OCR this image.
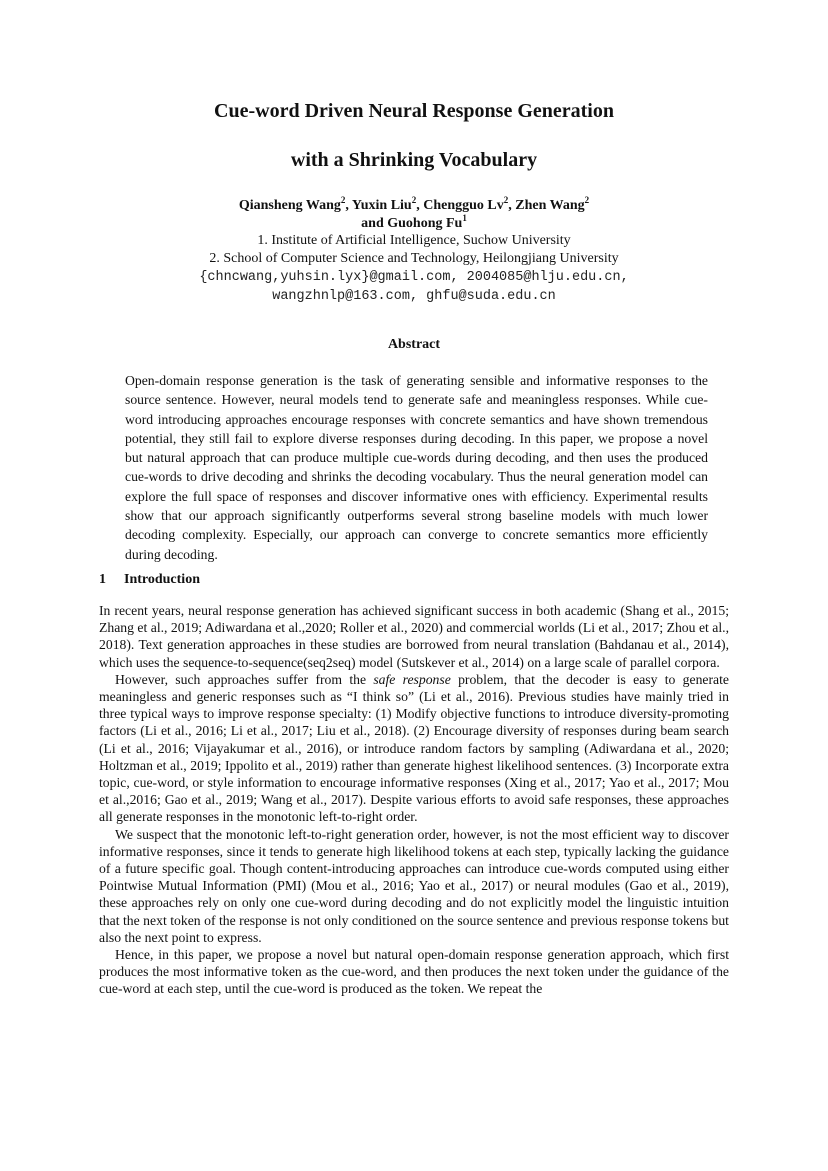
Cue-word Driven Neural Response Generation
with a Shrinking Vocabulary
Qiansheng Wang$^2$, Yuxin Liu$^2$, Chengguo Lv$^2$, Zhen Wang$^2$
and Guohong Fu$^1$
1. Institute of Artificial Intelligence, Suchow University
2. School of Computer Science and Technology, Heilongjiang University
{chncwang,yuhsin.lyx}@gmail.com, 2004085@hlju.edu.cn,
wangzhnlp@163.com, ghfu@suda.edu.cn
Abstract

Open-domain response generation is the task of generating sensible and informative responses to the source sentence. However, neural models tend to generate safe and meaningless responses. While cue-word introducing approaches encourage responses with concrete semantics and have shown tremendous potential, they still fail to explore diverse responses during decoding. In this paper, we propose a novel but natural approach that can produce multiple cue-words during decoding, and then uses the produced cue-words to drive decoding and shrinks the decoding vocabulary. Thus the neural generation model can explore the full space of responses and discover informative ones with efficiency. Experimental results show that our approach significantly outperforms several strong baseline models with much lower decoding complexity. Especially, our approach can converge to concrete semantics more efficiently during decoding.

1 Introduction

In recent years, neural response generation has achieved significant success in both academic (Shang et al., 2015; Zhang et al., 2019; Adiwardana et al.,2020; Roller et al., 2020) and commercial worlds (Li et al., 2017; Zhou et al., 2018). Text generation approaches in these studies are borrowed from neural translation (Bahdanau et al., 2014), which uses the sequence-to-sequence(seq2seq) model (Sutskever et al., 2014) on a large scale of parallel corpora.

However, such approaches suffer from the safe response problem, that the decoder is easy to generate meaningless and generic responses such as “I think so” (Li et al., 2016). Previous studies have mainly tried in three typical ways to improve response specialty: (1) Modify objective functions to introduce diversity-promoting factors (Li et al., 2016; Li et al., 2017; Liu et al., 2018). (2) Encourage diversity of responses during beam search (Li et al., 2016; Vijayakumar et al., 2016), or introduce random factors by sampling (Adiwardana et al., 2020; Holtzman et al., 2019; Ippolito et al., 2019) rather than generate highest likelihood sentences. (3) Incorporate extra topic, cue-word, or style information to encourage informative responses (Xing et al., 2017; Yao et al., 2017; Mou et al.,2016; Gao et al., 2019; Wang et al., 2017). Despite various efforts to avoid safe responses, these approaches all generate responses in the monotonic left-to-right order.

We suspect that the monotonic left-to-right generation order, however, is not the most efficient way to discover informative responses, since it tends to generate high likelihood tokens at each step, typically lacking the guidance of a future specific goal. Though content-introducing approaches can introduce cue-words computed using either Pointwise Mutual Information (PMI) (Mou et al., 2016; Yao et al., 2017) or neural modules (Gao et al., 2019), these approaches rely on only one cue-word during decoding and do not explicitly model the linguistic intuition that the next token of the response is not only conditioned on the source sentence and previous response tokens but also the next point to express.

Hence, in this paper, we propose a novel but natural open-domain response generation approach, which first produces the most informative token as the cue-word, and then produces the next token under the guidance of the cue-word at each step, until the cue-word is produced as the token. We repeat the
